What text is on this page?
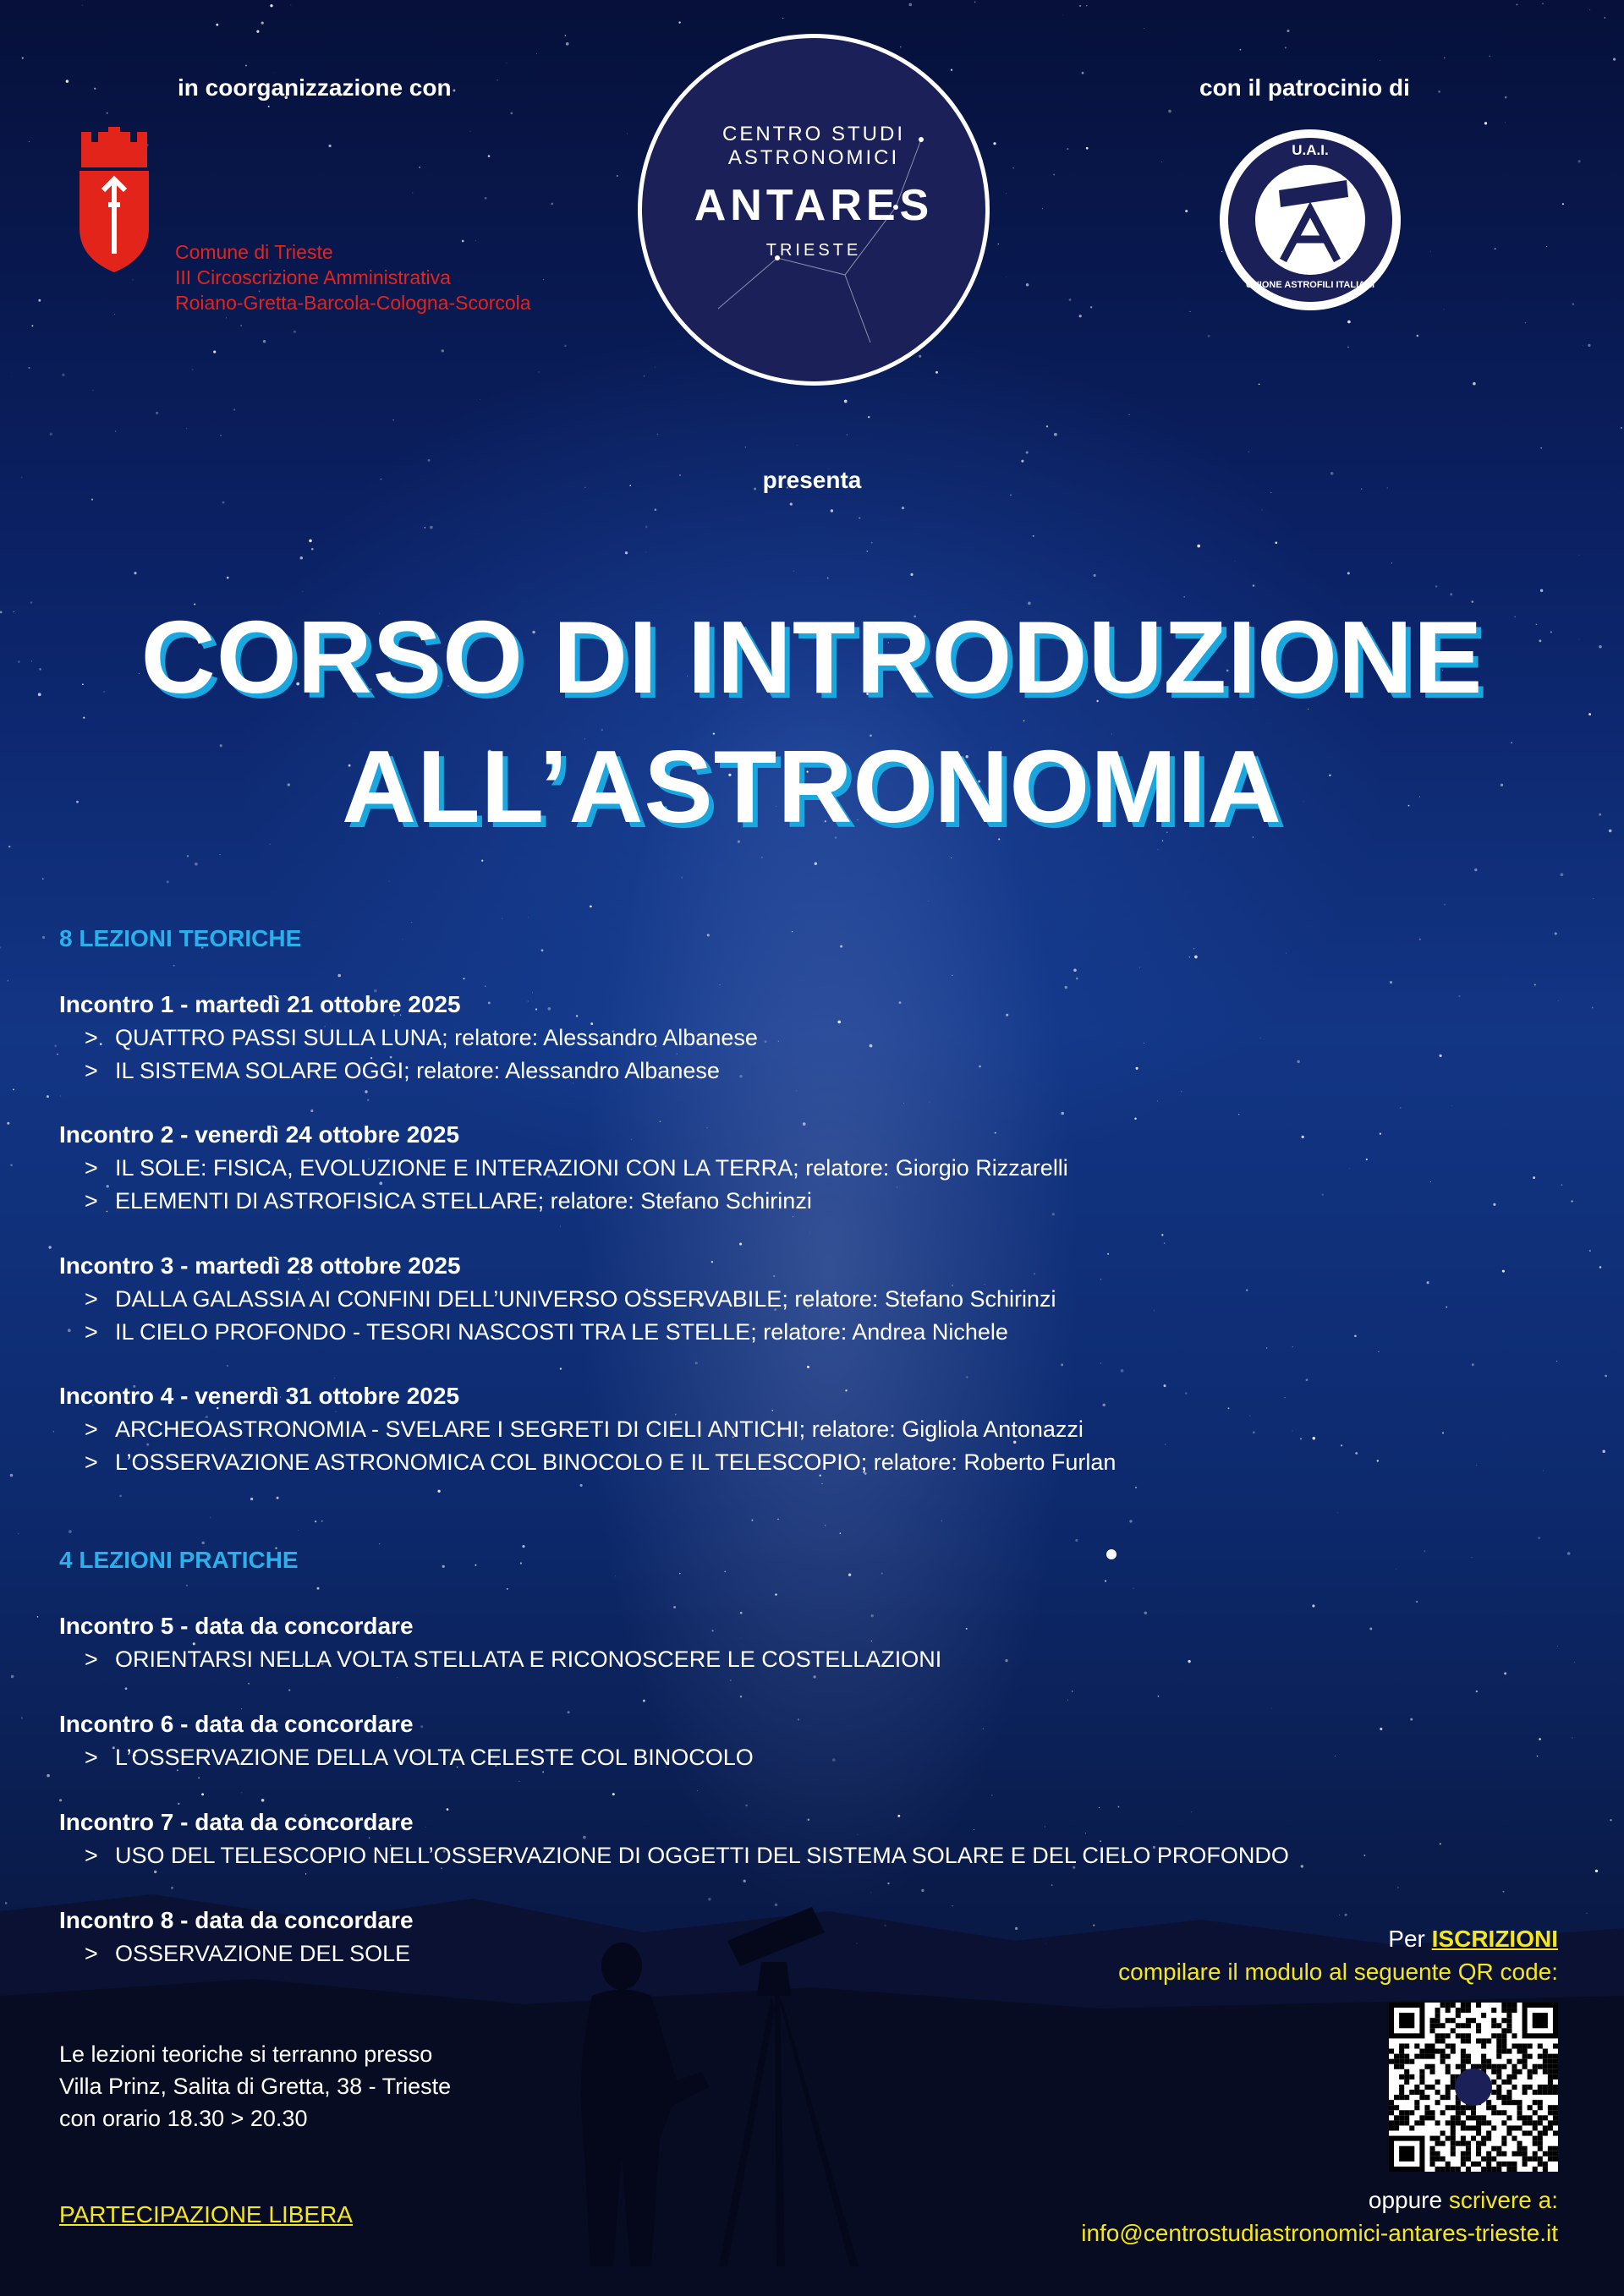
in coorganizzazione con	con il patrocinio di
Comune di Trieste
III Circoscrizione Amministrativa
Roiano-Gretta-Barcola-Cologna-Scorcola
CENTRO STUDI
ASTRONOMICI
ANTARES
TRIESTE
U.A.I.
UNIONE ASTROFILI ITALIANI
presenta
CORSO DI INTRODUZIONE
ALL’ASTRONOMIA
8 LEZIONI TEORICHE
Incontro 1 - martedì 21 ottobre 2025
> QUATTRO PASSI SULLA LUNA; relatore: Alessandro Albanese
> IL SISTEMA SOLARE OGGI; relatore: Alessandro Albanese
Incontro 2 - venerdì 24 ottobre 2025
> IL SOLE: FISICA, EVOLUZIONE E INTERAZIONI CON LA TERRA; relatore: Giorgio Rizzarelli
> ELEMENTI DI ASTROFISICA STELLARE; relatore: Stefano Schirinzi
Incontro 3 - martedì 28 ottobre 2025
> DALLA GALASSIA AI CONFINI DELL’UNIVERSO OSSERVABILE; relatore: Stefano Schirinzi
> IL CIELO PROFONDO - TESORI NASCOSTI TRA LE STELLE; relatore: Andrea Nichele
Incontro 4 - venerdì 31 ottobre 2025
> ARCHEOASTRONOMIA - SVELARE I SEGRETI DI CIELI ANTICHI; relatore: Gigliola Antonazzi
> L’OSSERVAZIONE ASTRONOMICA COL BINOCOLO E IL TELESCOPIO; relatore: Roberto Furlan
4 LEZIONI PRATICHE
Incontro 5 - data da concordare
> ORIENTARSI NELLA VOLTA STELLATA E RICONOSCERE LE COSTELLAZIONI
Incontro 6 - data da concordare
> L’OSSERVAZIONE DELLA VOLTA CELESTE COL BINOCOLO
Incontro 7 - data da concordare
> USO DEL TELESCOPIO NELL’OSSERVAZIONE DI OGGETTI DEL SISTEMA SOLARE E DEL CIELO PROFONDO
Incontro 8 - data da concordare
> OSSERVAZIONE DEL SOLE
Le lezioni teoriche si terranno presso
Villa Prinz, Salita di Gretta, 38 - Trieste
con orario 18.30 > 20.30
PARTECIPAZIONE LIBERA
Per ISCRIZIONI
compilare il modulo al seguente QR code:
oppure scrivere a:
info@centrostudiastronomici-antares-trieste.it
